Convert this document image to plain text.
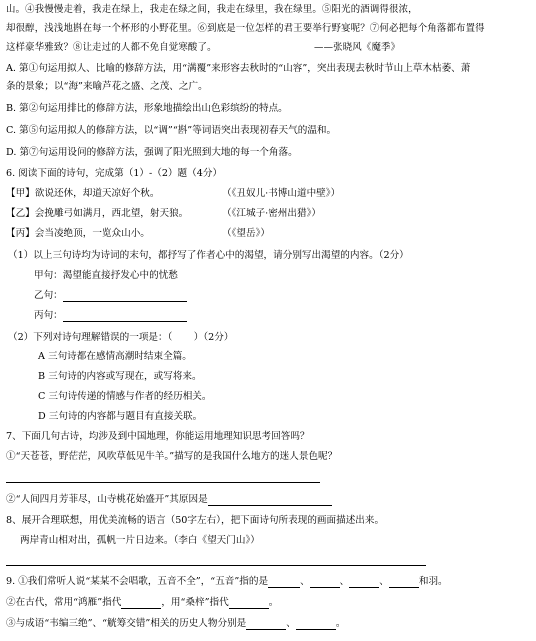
山。④我慢慢走着，我走在绿上，我走在绿之间，我走在绿里，我在绿里。⑤阳光的酒调得很浓，
却很醇，浅浅地斟在每一个杯形的小野花里。⑥到底是一位怎样的君王要举行野宴呢？⑦何必把每个角落都布置得
这样豪华雅致？⑧让走过的人都不免自觉寒酸了。	——张晓风《魔季》
A. 第①句运用拟人、比喻的修辞方法，用“满覆”来形容去秋时的“山容”，突出表现去秋时节山上草木枯萎、萧
条的景象；以“海”来喻芦花之盛、之茂、之广。
B. 第②句运用排比的修辞方法，形象地描绘出山色彩缤纷的特点。
C. 第⑤句运用拟人的修辞方法，以“调”“斟”等词语突出表现初春天气的温和。
D. 第⑦句运用设问的修辞方法，强调了阳光照到大地的每一个角落。
6. 阅读下面的诗句，完成第（1）-（2）题（4分）
【甲】欲说还休，却道天凉好个秋。	（《丑奴儿·书博山道中壁》）
【乙】会挽雕弓如满月，西北望，射天狼。	（《江城子·密州出猎》）
【丙】会当凌绝顶，一览众山小。	（《望岳》）
（1）以上三句诗均为诗词的末句，都抒写了作者心中的渴望，请分别写出渴望的内容。（2分）
甲句：渴望能直接抒发心中的忧愁
乙句：
丙句：
（2）下列对诗句理解错误的一项是：（       ）（2分）
A 三句诗都在感情高潮时结束全篇。
B 三句诗的内容或写现在，或写将来。
C 三句诗传递的情感与作者的经历相关。
D 三句诗的内容都与题目有直接关联。
7、下面几句古诗，均涉及到中国地理，你能运用地理知识思考回答吗？
①“天苍苍，野茫茫，风吹草低见牛羊。”描写的是我国什么地方的迷人景色呢？
②“人间四月芳菲尽，山寺桃花始盛开”其原因是
8、展开合理联想，用优美流畅的语言（50字左右），把下面诗句所表现的画面描述出来。
两岸青山相对出，孤帆一片日边来。（李白《望天门山》）
9. ①我们常听人说“某某不会唱歌，五音不全”，“五音”指的是	、	、	、	和羽。
②在古代，常用“鸿雁”指代	，用“桑梓”指代	。
③与成语“韦编三绝”、“觥筹交错”相关的历史人物分别是	、	。
